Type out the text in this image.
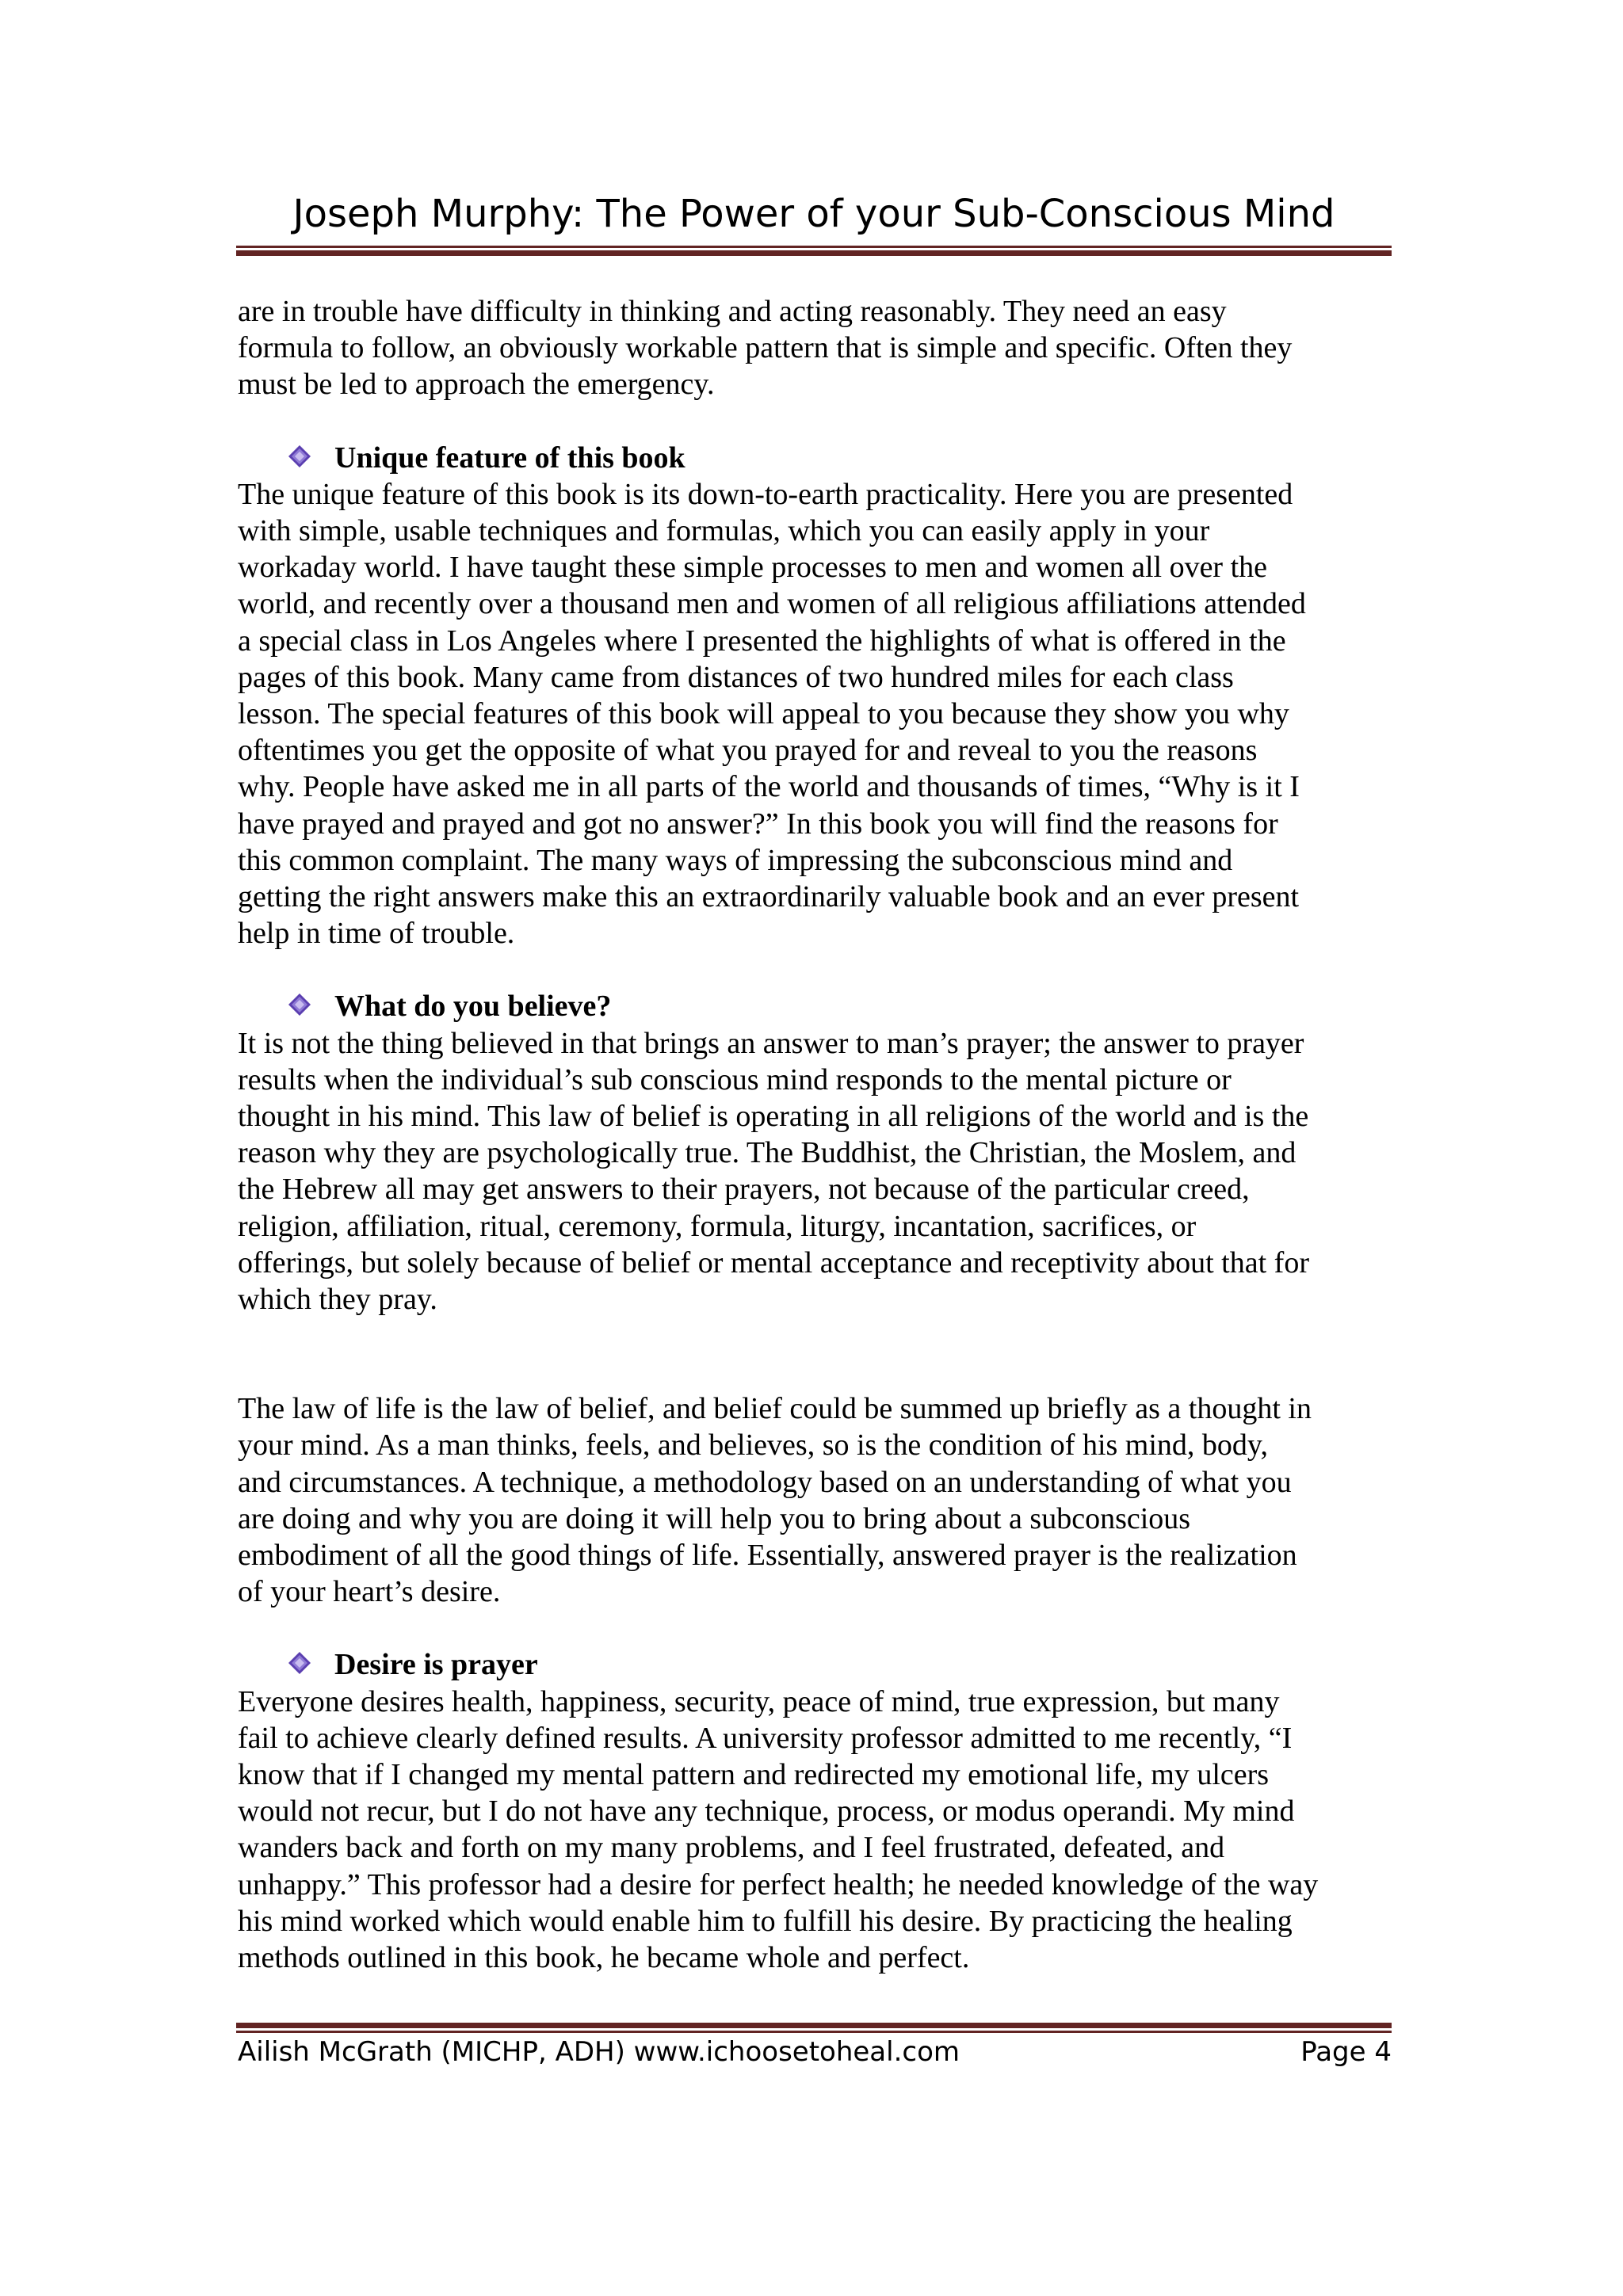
Joseph Murphy: The Power of your Sub-Conscious Mind
are in trouble have difficulty in thinking and acting reasonably. They need an easy
formula to follow, an obviously workable pattern that is simple and specific. Often they
must be led to approach the emergency.
Unique feature of this book
The unique feature of this book is its down-to-earth practicality. Here you are presented
with simple, usable techniques and formulas, which you can easily apply in your
workaday world. I have taught these simple processes to men and women all over the
world, and recently over a thousand men and women of all religious affiliations attended
a special class in Los Angeles where I presented the highlights of what is offered in the
pages of this book. Many came from distances of two hundred miles for each class
lesson. The special features of this book will appeal to you because they show you why
oftentimes you get the opposite of what you prayed for and reveal to you the reasons
why. People have asked me in all parts of the world and thousands of times, “Why is it I
have prayed and prayed and got no answer?” In this book you will find the reasons for
this common complaint. The many ways of impressing the subconscious mind and
getting the right answers make this an extraordinarily valuable book and an ever present
help in time of trouble.
What do you believe?
It is not the thing believed in that brings an answer to man’s prayer; the answer to prayer
results when the individual’s sub conscious mind responds to the mental picture or
thought in his mind. This law of belief is operating in all religions of the world and is the
reason why they are psychologically true. The Buddhist, the Christian, the Moslem, and
the Hebrew all may get answers to their prayers, not because of the particular creed,
religion, affiliation, ritual, ceremony, formula, liturgy, incantation, sacrifices, or
offerings, but solely because of belief or mental acceptance and receptivity about that for
which they pray.
The law of life is the law of belief, and belief could be summed up briefly as a thought in
your mind. As a man thinks, feels, and believes, so is the condition of his mind, body,
and circumstances. A technique, a methodology based on an understanding of what you
are doing and why you are doing it will help you to bring about a subconscious
embodiment of all the good things of life. Essentially, answered prayer is the realization
of your heart’s desire.
Desire is prayer
Everyone desires health, happiness, security, peace of mind, true expression, but many
fail to achieve clearly defined results. A university professor admitted to me recently, “I
know that if I changed my mental pattern and redirected my emotional life, my ulcers
would not recur, but I do not have any technique, process, or modus operandi. My mind
wanders back and forth on my many problems, and I feel frustrated, defeated, and
unhappy.” This professor had a desire for perfect health; he needed knowledge of the way
his mind worked which would enable him to fulfill his desire. By practicing the healing
methods outlined in this book, he became whole and perfect.
Ailish McGrath (MICHP, ADH) www.ichoosetoheal.com	Page 4
